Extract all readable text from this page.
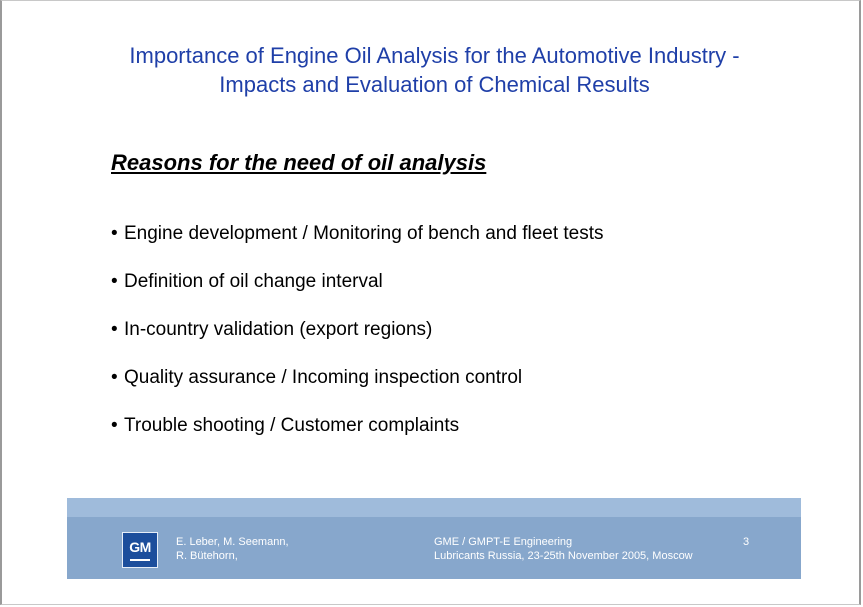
Importance of Engine Oil Analysis for the Automotive Industry -
Impacts and Evaluation of Chemical Results
Reasons for the need of oil analysis
• Engine development / Monitoring of bench and fleet tests
• Definition of oil change interval
• In-country validation (export regions)
• Quality assurance / Incoming inspection control
• Trouble shooting / Customer complaints
GM	E. Leber, M. Seemann,
R. Bütehorn,
GME / GMPT-E Engineering
Lubricants Russia, 23-25th November 2005, Moscow
3
